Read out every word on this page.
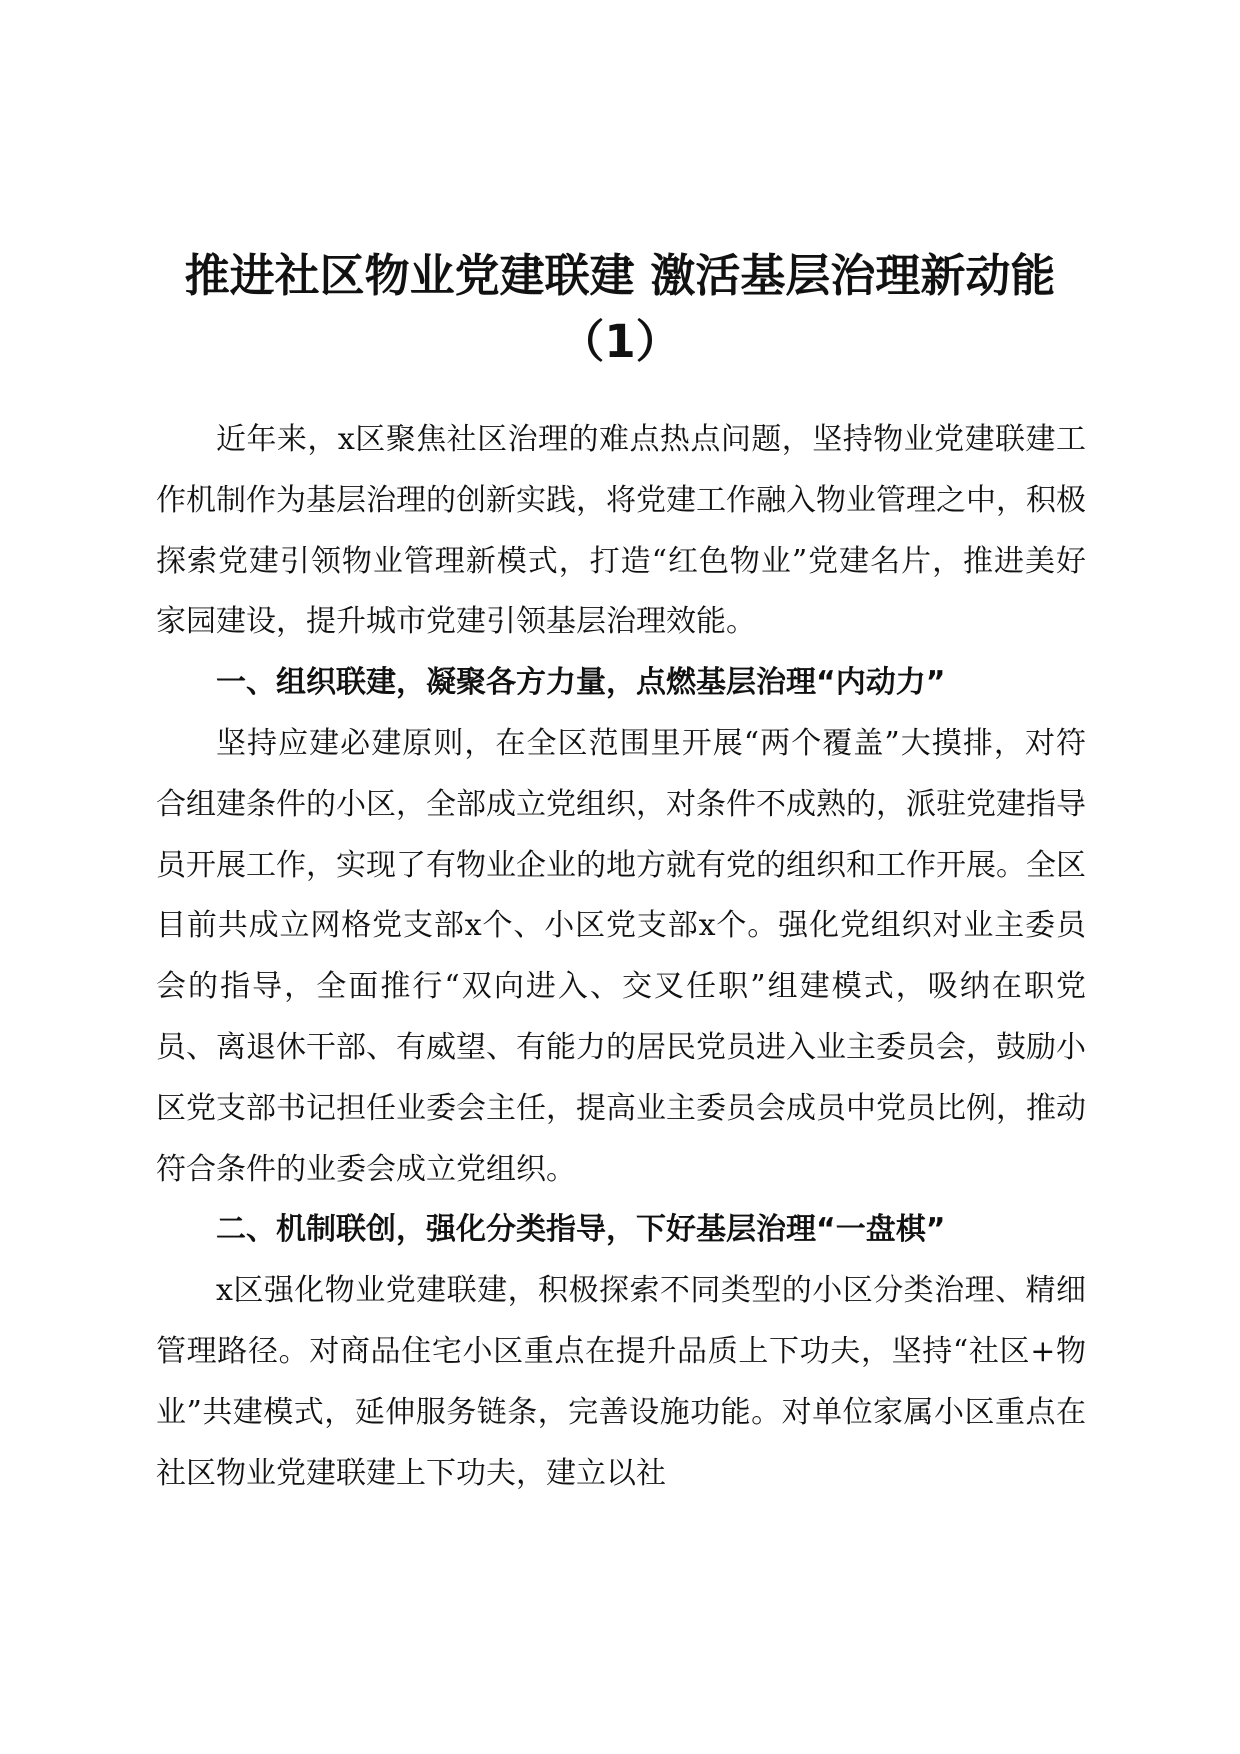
推进社区物业党建联建 激活基层治理新动能
（1）

近年来，x区聚焦社区治理的难点热点问题，坚持物业党建联建工作机制作为基层治理的创新实践，将党建工作融入物业管理之中，积极探索党建引领物业管理新模式，打造“红色物业”党建名片，推进美好家园建设，提升城市党建引领基层治理效能。

一、组织联建，凝聚各方力量，点燃基层治理“内动力”

坚持应建必建原则，在全区范围里开展“两个覆盖”大摸排，对符合组建条件的小区，全部成立党组织，对条件不成熟的，派驻党建指导员开展工作，实现了有物业企业的地方就有党的组织和工作开展。全区目前共成立网格党支部x个、小区党支部x个。强化党组织对业主委员会的指导，全面推行“双向进入、交叉任职”组建模式，吸纳在职党员、离退休干部、有威望、有能力的居民党员进入业主委员会，鼓励小区党支部书记担任业委会主任，提高业主委员会成员中党员比例，推动符合条件的业委会成立党组织。

二、机制联创，强化分类指导，下好基层治理“一盘棋”

x区强化物业党建联建，积极探索不同类型的小区分类治理、精细管理路径。对商品住宅小区重点在提升品质上下功夫，坚持“社区+物业”共建模式，延伸服务链条，完善设施功能。对单位家属小区重点在社区物业党建联建上下功夫，建立以社
